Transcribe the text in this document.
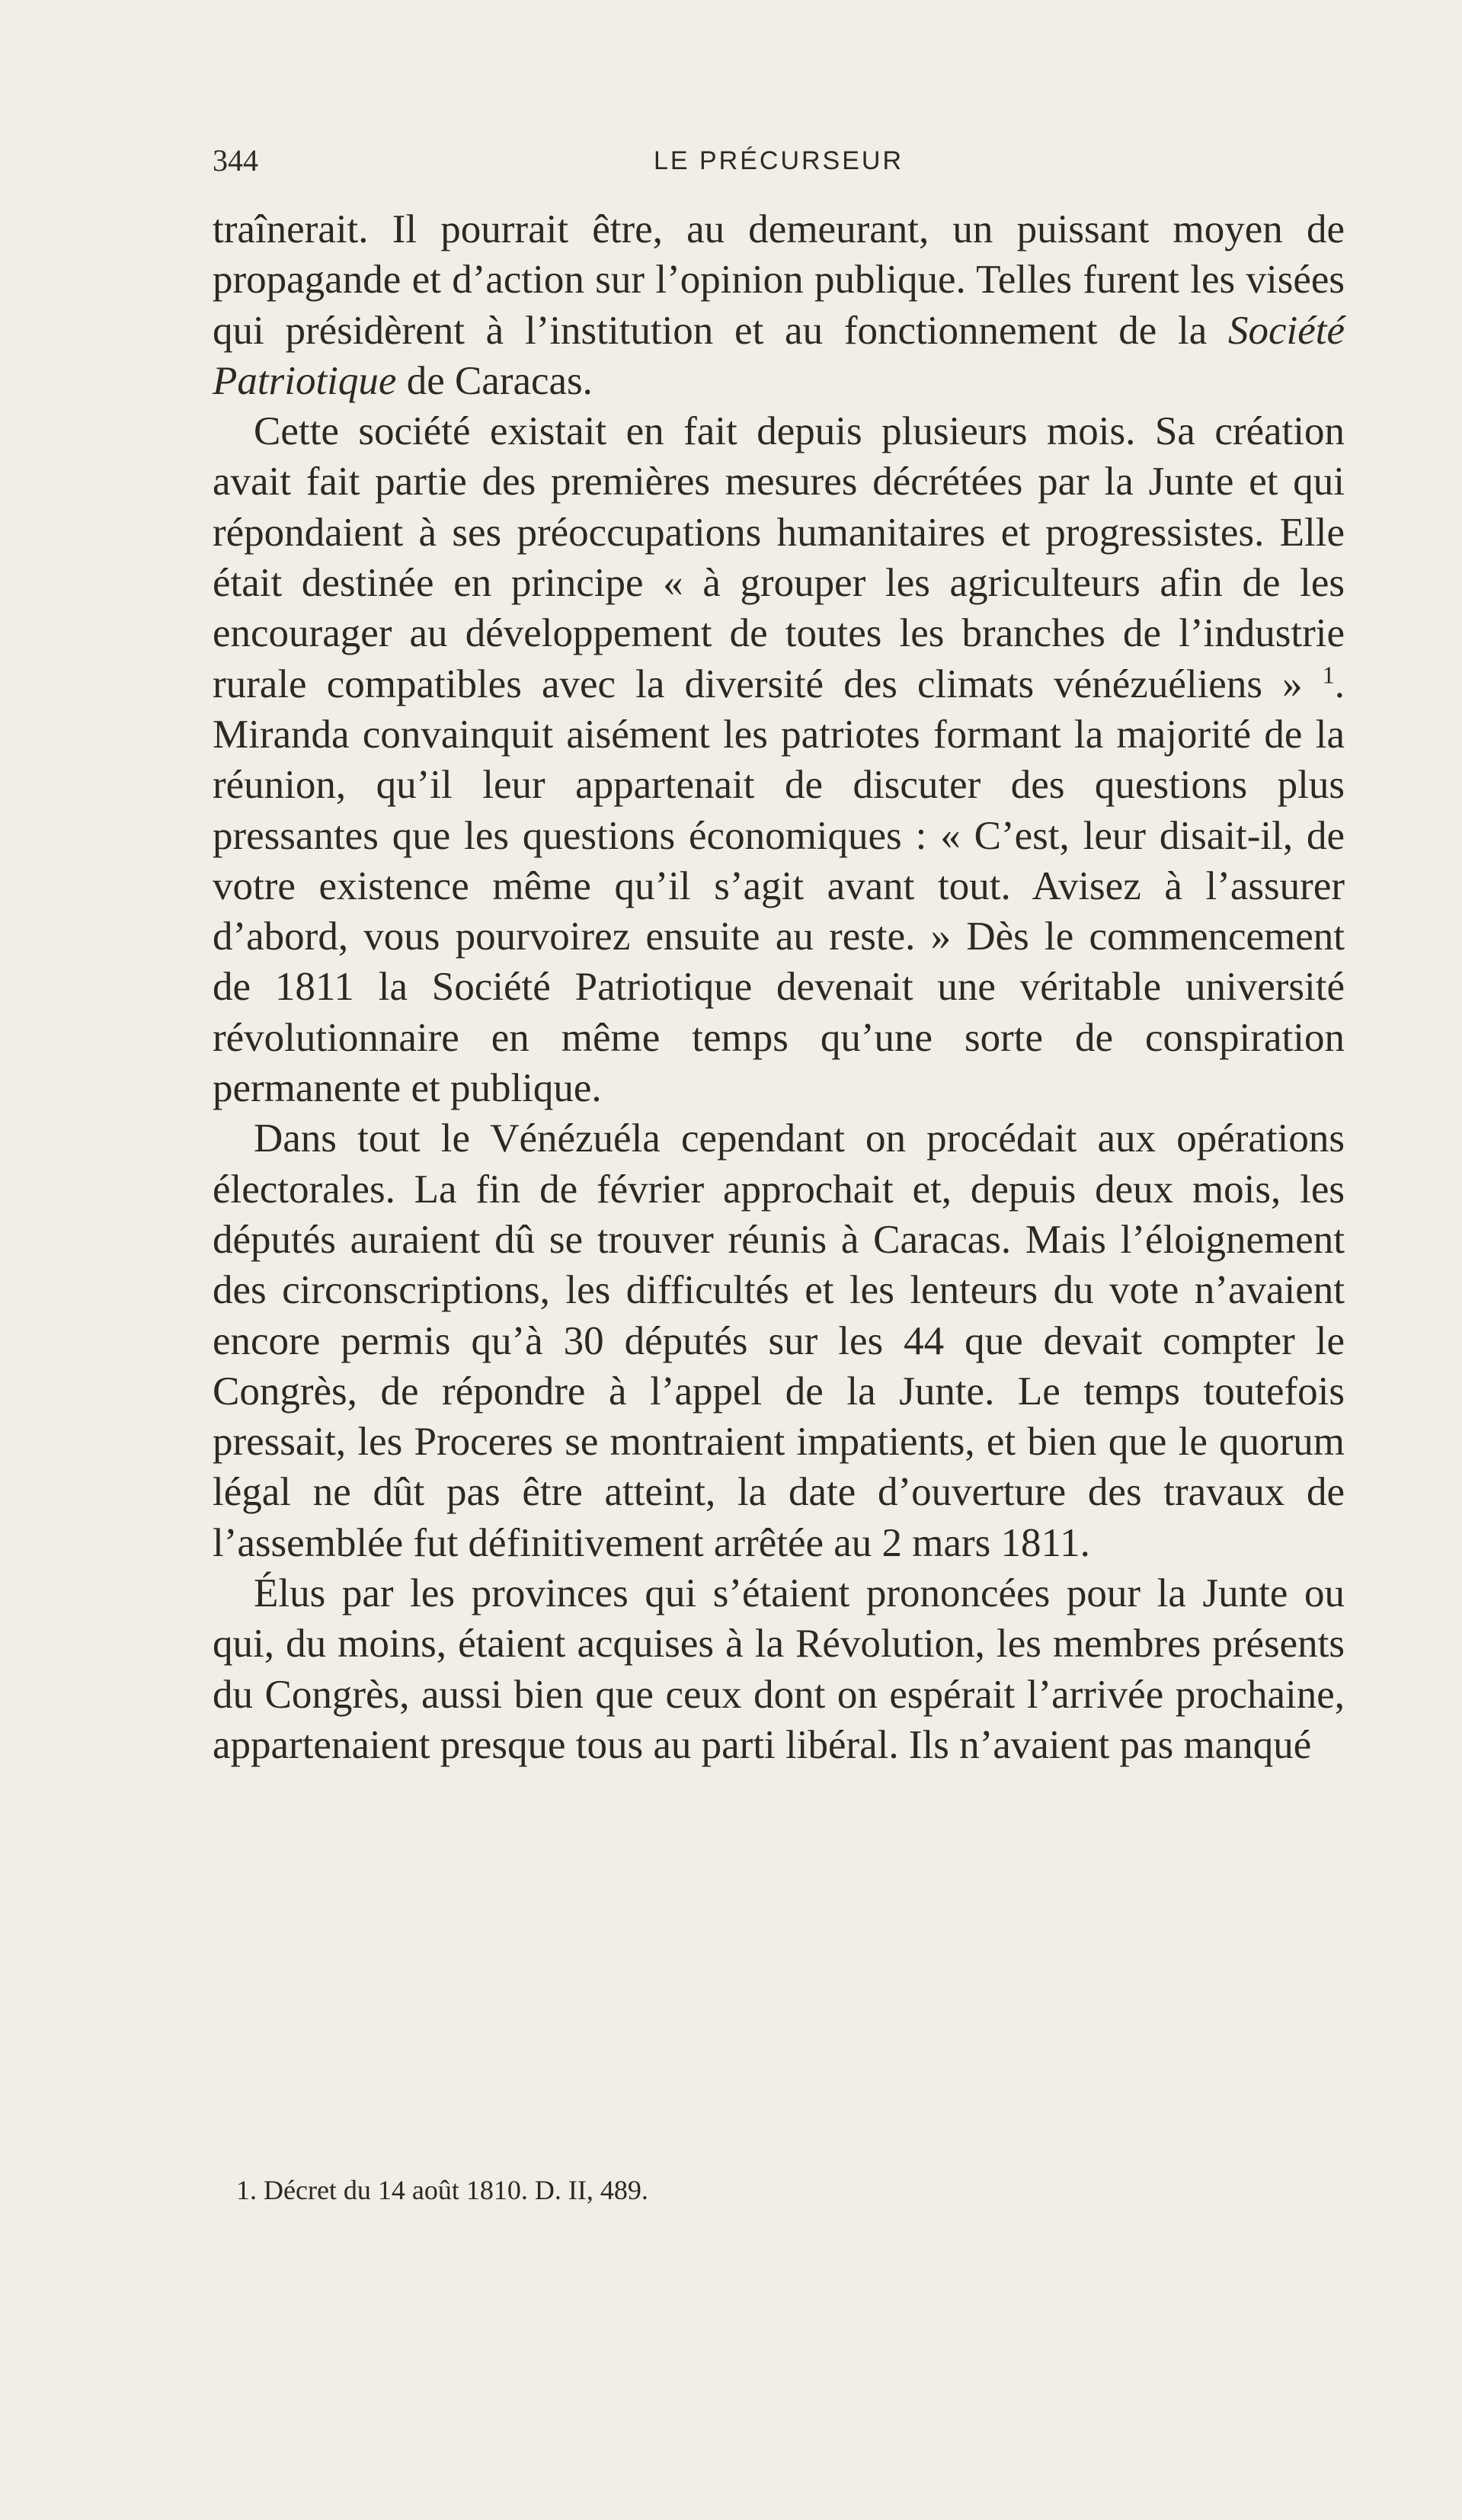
344	LE PRÉCURSEUR

traînerait. Il pourrait être, au demeurant, un puissant moyen de propagande et d’action sur l’opinion publique. Telles furent les visées qui présidèrent à l’institution et au fonctionnement de la Société Patriotique de Caracas.

Cette société existait en fait depuis plusieurs mois. Sa création avait fait partie des premières mesures décrétées par la Junte et qui répondaient à ses préoccupations humanitaires et progressistes. Elle était destinée en principe « à grouper les agriculteurs afin de les encourager au développement de toutes les branches de l’industrie rurale compatibles avec la diversité des climats vénézuéliens » $^1$. Miranda convainquit aisément les patriotes formant la majorité de la réunion, qu’il leur appartenait de discuter des questions plus pressantes que les questions économiques : « C’est, leur disait-il, de votre existence même qu’il s’agit avant tout. Avisez à l’assurer d’abord, vous pourvoirez ensuite au reste. » Dès le commencement de 1811 la Société Patriotique devenait une véritable université révolutionnaire en même temps qu’une sorte de conspiration permanente et publique.

Dans tout le Vénézuéla cependant on procédait aux opérations électorales. La fin de février approchait et, depuis deux mois, les députés auraient dû se trouver réunis à Caracas. Mais l’éloignement des circonscriptions, les difficultés et les lenteurs du vote n’avaient encore permis qu’à 30 députés sur les 44 que devait compter le Congrès, de répondre à l’appel de la Junte. Le temps toutefois pressait, les Proceres se montraient impatients, et bien que le quorum légal ne dût pas être atteint, la date d’ouverture des travaux de l’assemblée fut définitivement arrêtée au 2 mars 1811.

Élus par les provinces qui s’étaient prononcées pour la Junte ou qui, du moins, étaient acquises à la Révolution, les membres présents du Congrès, aussi bien que ceux dont on espérait l’arrivée prochaine, appartenaient presque tous au parti libéral. Ils n’avaient pas manqué

1. Décret du 14 août 1810. D. II, 489.
